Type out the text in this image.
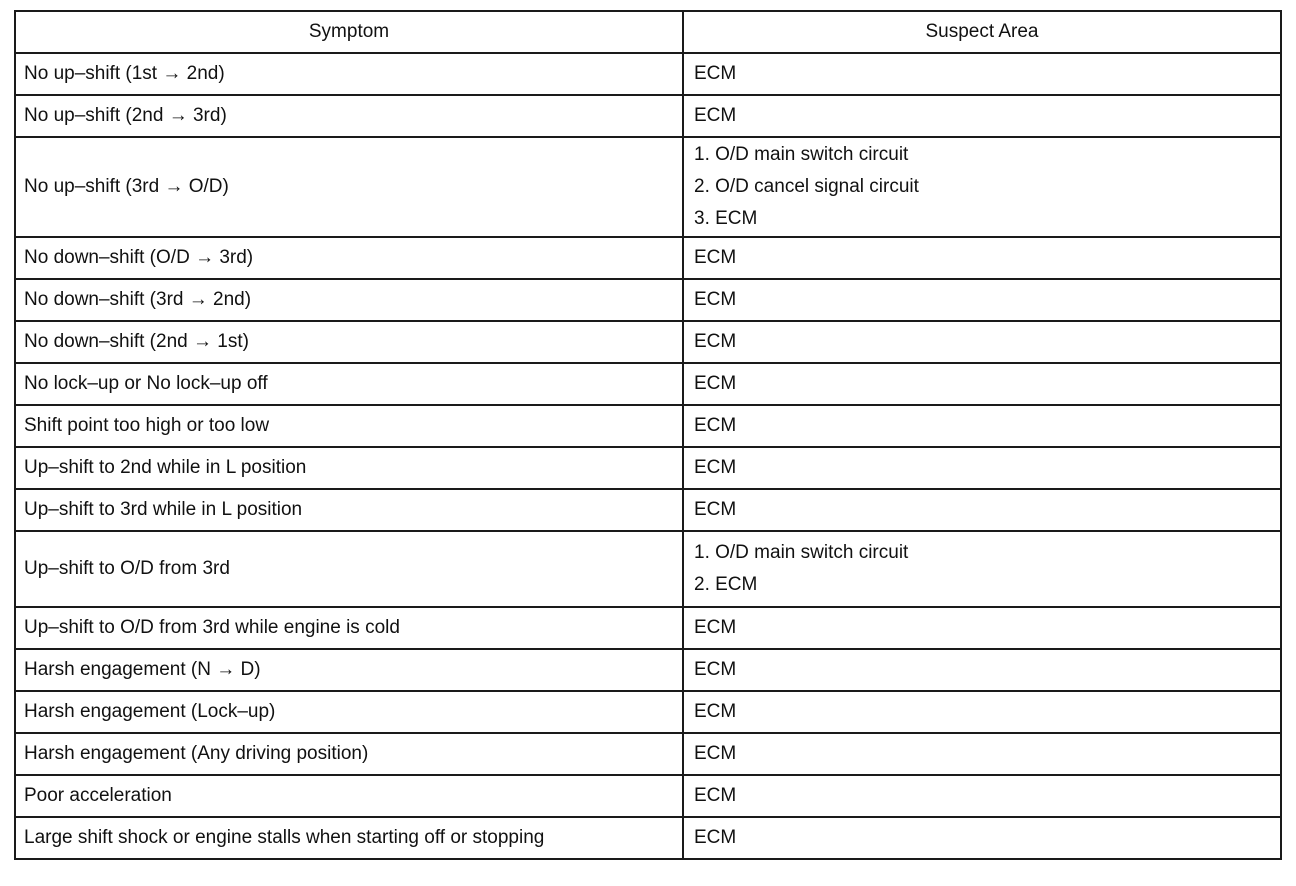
Symptom	Suspect Area
No up–shift (1st → 2nd)	ECM

No up–shift (2nd → 3rd)	ECM

No up–shift (3rd → O/D)	1. O/D main switch circuit
2. O/D cancel signal circuit
3. ECM

No down–shift (O/D → 3rd)	ECM

No down–shift (3rd → 2nd)	ECM

No down–shift (2nd → 1st)	ECM

No lock–up or No lock–up off	ECM

Shift point too high or too low	ECM

Up–shift to 2nd while in L position	ECM

Up–shift to 3rd while in L position	ECM

Up–shift to O/D from 3rd	1. O/D main switch circuit
2. ECM

Up–shift to O/D from 3rd while engine is cold	ECM

Harsh engagement (N → D)	ECM

Harsh engagement (Lock–up)	ECM

Harsh engagement (Any driving position)	ECM

Poor acceleration	ECM

Large shift shock or engine stalls when starting off or stopping	ECM
